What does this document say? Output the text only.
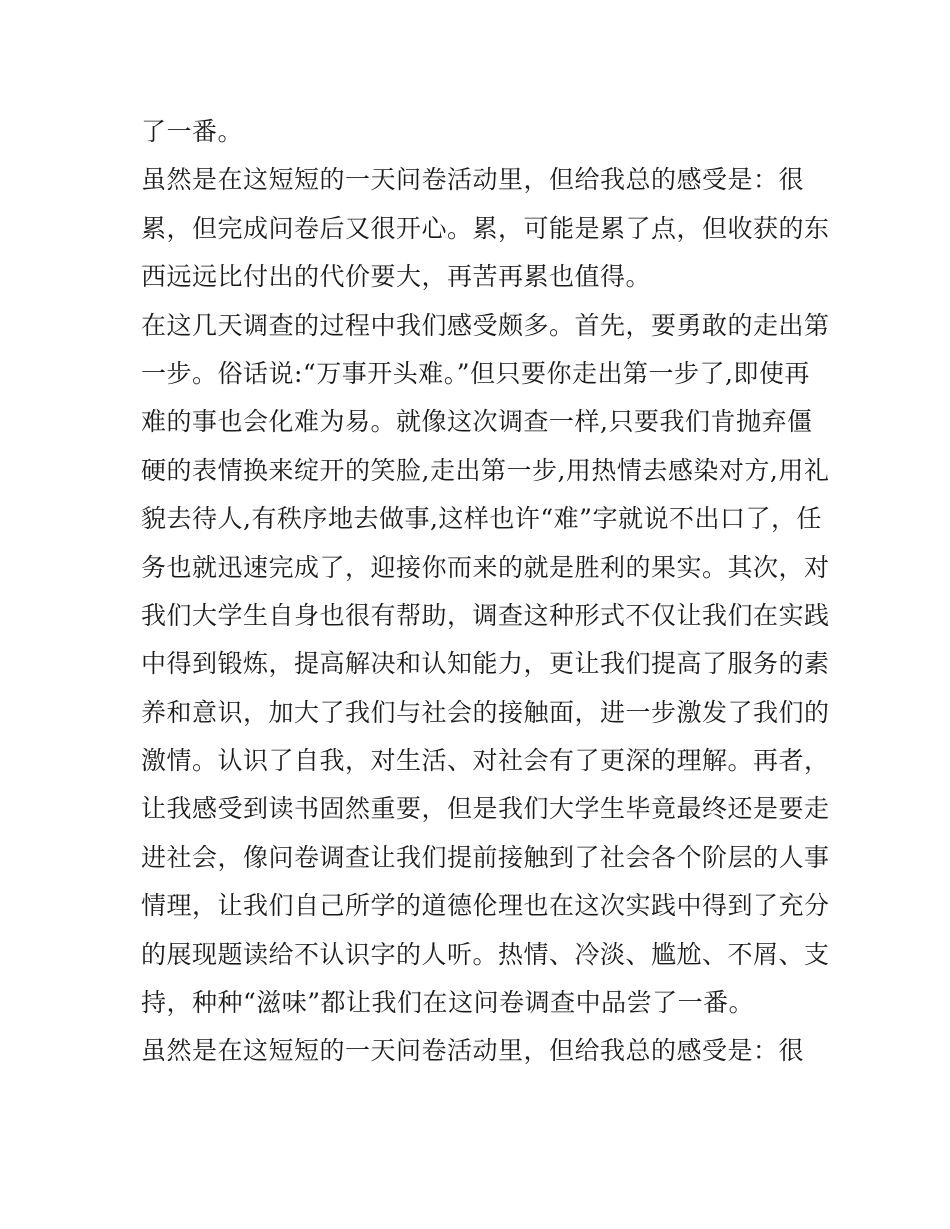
了一番。
虽然是在这短短的一天问卷活动里，但给我总的感受是：很
累，但完成问卷后又很开心。累，可能是累了点，但收获的东
西远远比付出的代价要大，再苦再累也值得。
在这几天调查的过程中我们感受颇多。首先，要勇敢的走出第
一步。俗话说:“万事开头难。”但只要你走出第一步了,即使再
难的事也会化难为易。就像这次调查一样,只要我们肯抛弃僵
硬的表情换来绽开的笑脸,走出第一步,用热情去感染对方,用礼
貌去待人,有秩序地去做事,这样也许“难”字就说不出口了，任
务也就迅速完成了，迎接你而来的就是胜利的果实。其次，对
我们大学生自身也很有帮助，调查这种形式不仅让我们在实践
中得到锻炼，提高解决和认知能力，更让我们提高了服务的素
养和意识，加大了我们与社会的接触面，进一步激发了我们的
激情。认识了自我，对生活、对社会有了更深的理解。再者，
让我感受到读书固然重要，但是我们大学生毕竟最终还是要走
进社会，像问卷调查让我们提前接触到了社会各个阶层的人事
情理，让我们自己所学的道德伦理也在这次实践中得到了充分
的展现题读给不认识字的人听。热情、冷淡、尴尬、不屑、支
持，种种“滋味”都让我们在这问卷调查中品尝了一番。
虽然是在这短短的一天问卷活动里，但给我总的感受是：很
